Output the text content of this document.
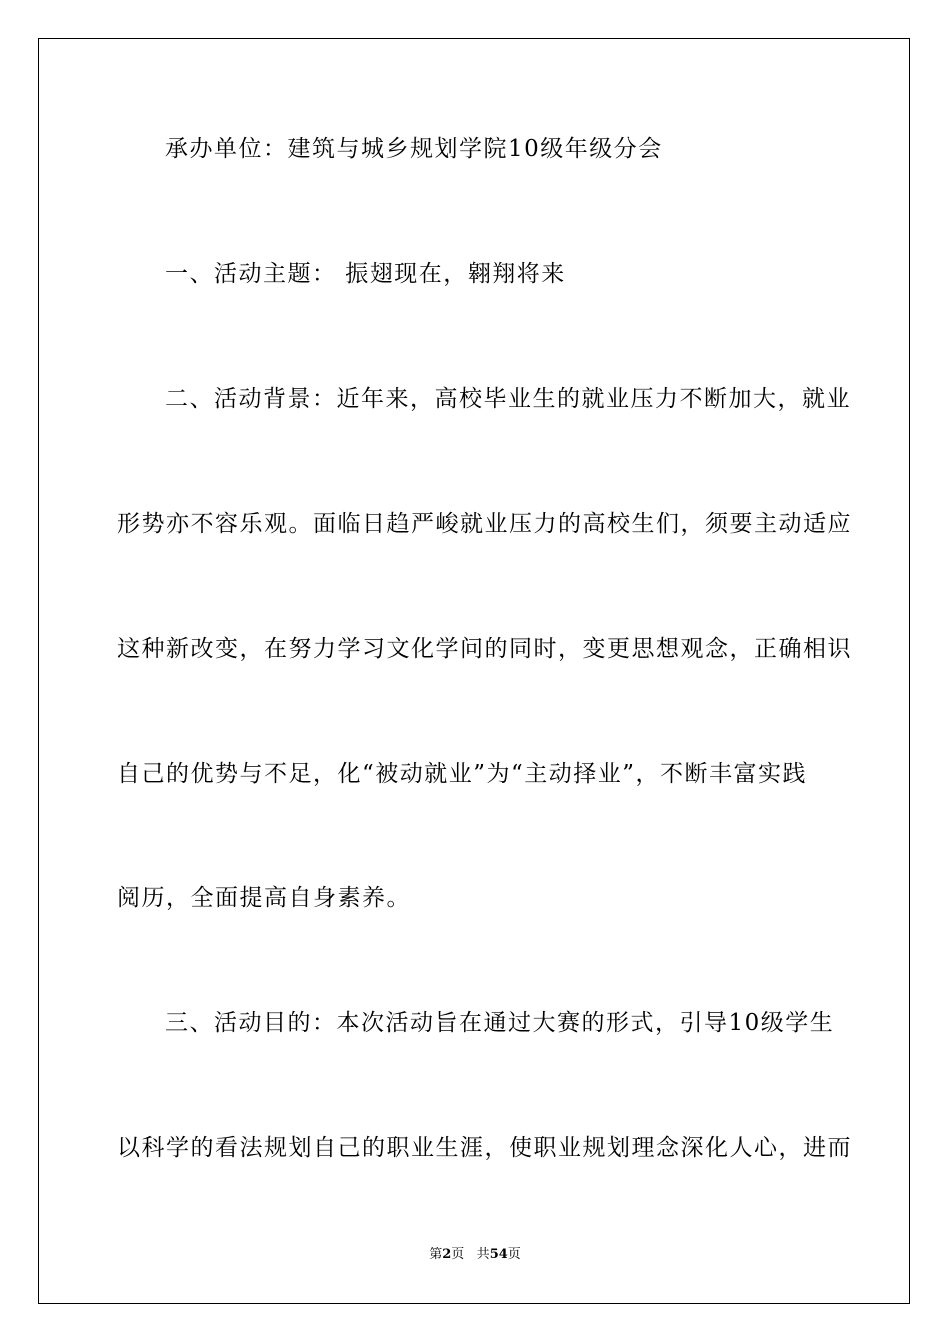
承办单位：建筑与城乡规划学院10级年级分会
一、活动主题： 振翅现在，翱翔将来
二、活动背景：近年来，高校毕业生的就业压力不断加大，就业
形势亦不容乐观。面临日趋严峻就业压力的高校生们，须要主动适应
这种新改变，在努力学习文化学问的同时，变更思想观念，正确相识
自己的优势与不足，化“被动就业”为“主动择业”，不断丰富实践
阅历，全面提高自身素养。
三、活动目的：本次活动旨在通过大赛的形式，引导10级学生
以科学的看法规划自己的职业生涯，使职业规划理念深化人心，进而
第2页 共54页
